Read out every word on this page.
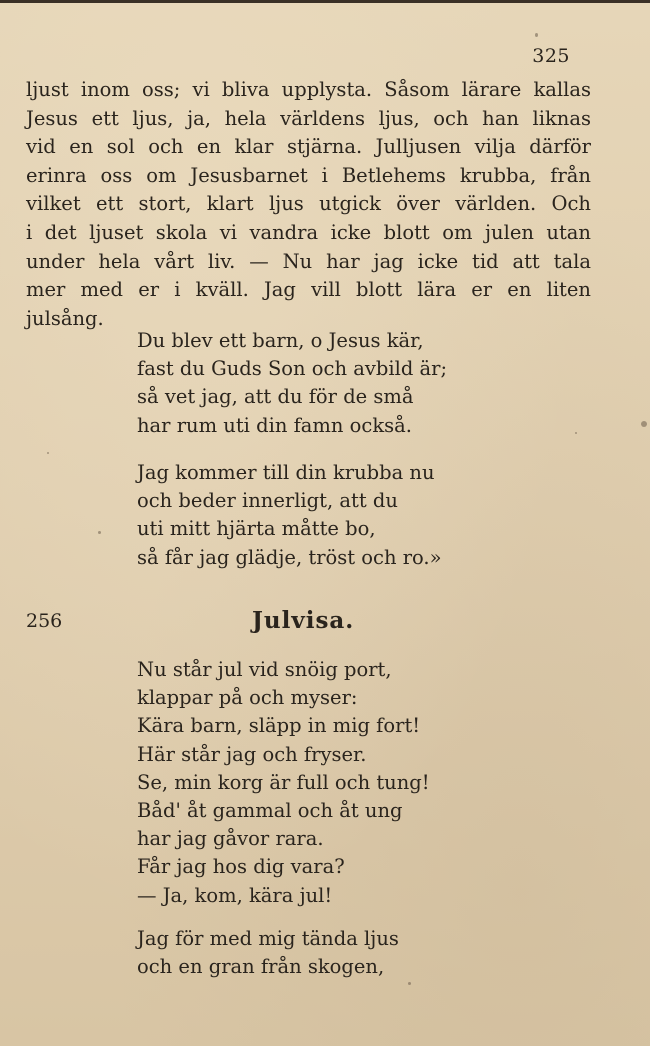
325
ljust inom oss; vi bliva upplysta. Såsom lärare kallas
Jesus ett ljus, ja, hela världens ljus, och han liknas
vid en sol och en klar stjärna. Julljusen vilja därför
erinra oss om Jesusbarnet i Betlehems krubba, från
vilket ett stort, klart ljus utgick över världen. Och
i det ljuset skola vi vandra icke blott om julen utan
under hela vårt liv. — Nu har jag icke tid att tala
mer med er i kväll. Jag vill blott lära er en liten
julsång.
Du blev ett barn, o Jesus kär,
fast du Guds Son och avbild är;
så vet jag, att du för de små
har rum uti din famn också.
Jag kommer till din krubba nu
och beder innerligt, att du
uti mitt hjärta måtte bo,
så får jag glädje, tröst och ro.»
256	Julvisa.
Nu står jul vid snöig port,
klappar på och myser:
Kära barn, släpp in mig fort!
Här står jag och fryser.
Se, min korg är full och tung!
Båd' åt gammal och åt ung
har jag gåvor rara.
Får jag hos dig vara?
— Ja, kom, kära jul!
Jag för med mig tända ljus
och en gran från skogen,
